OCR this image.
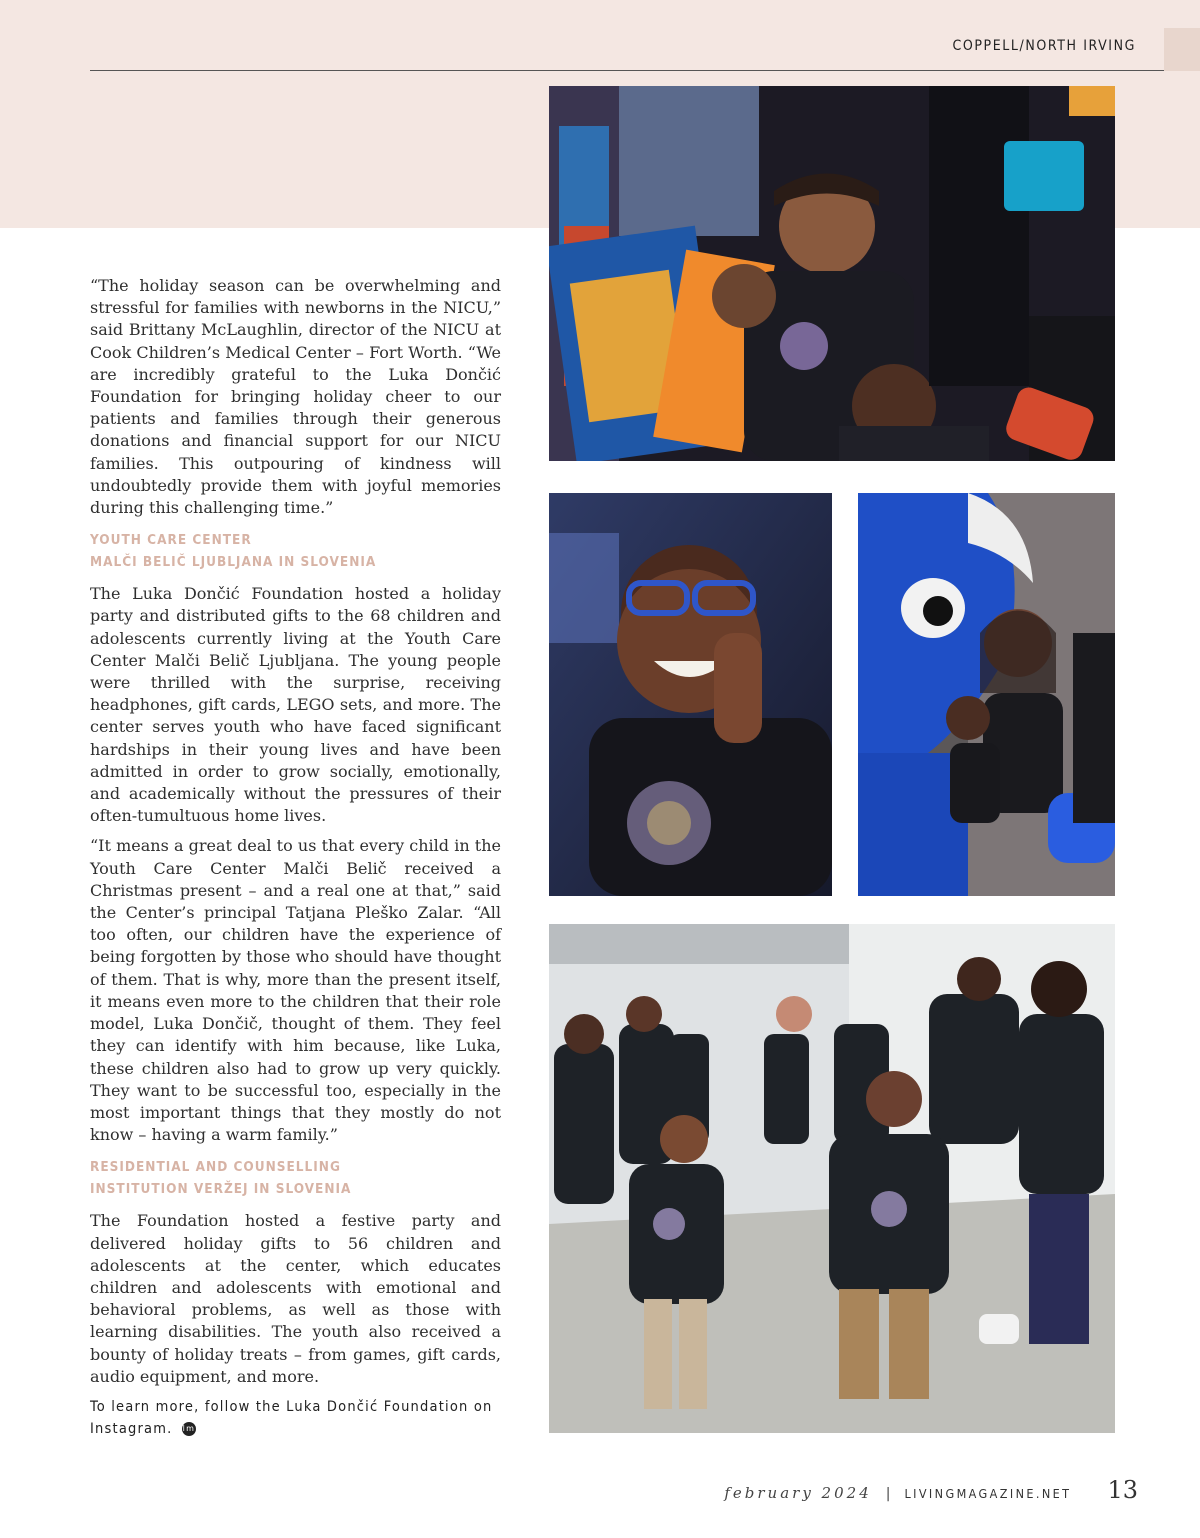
COPPELL/NORTH IRVING

“The holiday season can be overwhelming and stressful for families with newborns in the NICU,” said Brittany McLaughlin, director of the NICU at Cook Children’s Medical Center – Fort Worth. “We are incredibly grateful to the Luka Dončić Foundation for bringing holiday cheer to our patients and families through their generous donations and financial support for our NICU families. This outpouring of kindness will undoubtedly provide them with joyful memories during this challenging time.”

YOUTH CARE CENTER
MALČI BELIČ LJUBLJANA IN SLOVENIA

The Luka Dončić Foundation hosted a holiday party and distributed gifts to the 68 children and adolescents currently living at the Youth Care Center Malči Belič Ljubljana. The young people were thrilled with the surprise, receiving headphones, gift cards, LEGO sets, and more. The center serves youth who have faced significant hardships in their young lives and have been admitted in order to grow socially, emotionally, and academically without the pressures of their often-tumultuous home lives.

“It means a great deal to us that every child in the Youth Care Center Malči Belič received a Christmas present – and a real one at that,” said the Center’s principal Tatjana Pleško Zalar. “All too often, our children have the experience of being forgotten by those who should have thought of them. That is why, more than the present itself, it means even more to the children that their role model, Luka Dončič, thought of them. They feel they can identify with him because, like Luka, these children also had to grow up very quickly. They want to be successful too, especially in the most important things that they mostly do not know – having a warm family.”

RESIDENTIAL AND COUNSELLING
INSTITUTION VERŽEJ IN SLOVENIA

The Foundation hosted a festive party and delivered holiday gifts to 56 children and adolescents at the center, which educates children and adolescents with emotional and behavioral problems, as well as those with learning disabilities. The youth also received a bounty of holiday treats – from games, gift cards, audio equipment, and more.

To learn more, follow the Luka Dončić Foundation on Instagram. lm
february 2024 | LIVINGMAGAZINE.NET 13
